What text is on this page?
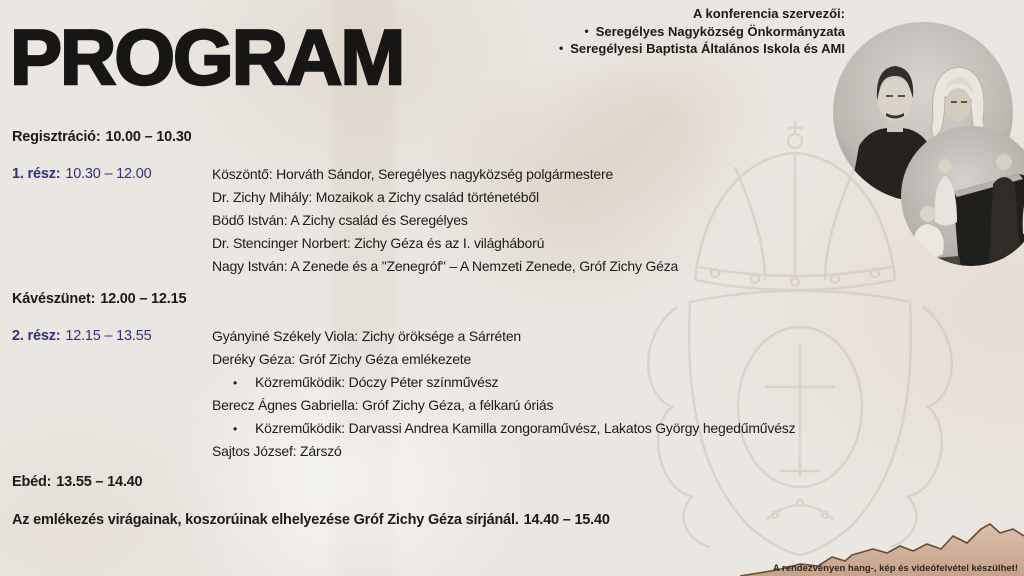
PROGRAM	A konferencia szervezői:
• Seregélyes Nagyközség Önkormányzata
• Seregélyesi Baptista Általános Iskola és AMI
Regisztráció: 10.00 – 10.30
1. rész: 10.30 – 12.00	Köszöntő: Horváth Sándor, Seregélyes nagyközség polgármestere
Dr. Zichy Mihály: Mozaikok a Zichy család történetéből
Bödő István: A Zichy család és Seregélyes
Dr. Stencinger Norbert: Zichy Géza és az I. világháború
Nagy István: A Zenede és a "Zenegróf" – A Nemzeti Zenede, Gróf Zichy Géza
Kávészünet: 12.00 – 12.15
2. rész: 12.15 – 13.55	Gyányiné Székely Viola: Zichy öröksége a Sárréten
Deréky Géza: Gróf Zichy Géza emlékezete
• Közreműködik: Dóczy Péter színművész
Berecz Ágnes Gabriella: Gróf Zichy Géza, a félkarú óriás
• Közreműködik: Darvassi Andrea Kamilla zongoraművész, Lakatos György hegedűművész
Sajtos József: Zárszó
Ebéd: 13.55 – 14.40
Az emlékezés virágainak, koszorúinak elhelyezése Gróf Zichy Géza sírjánál. 14.40 – 15.40
A rendezvényen hang-, kép és videófelvétel készülhet!
